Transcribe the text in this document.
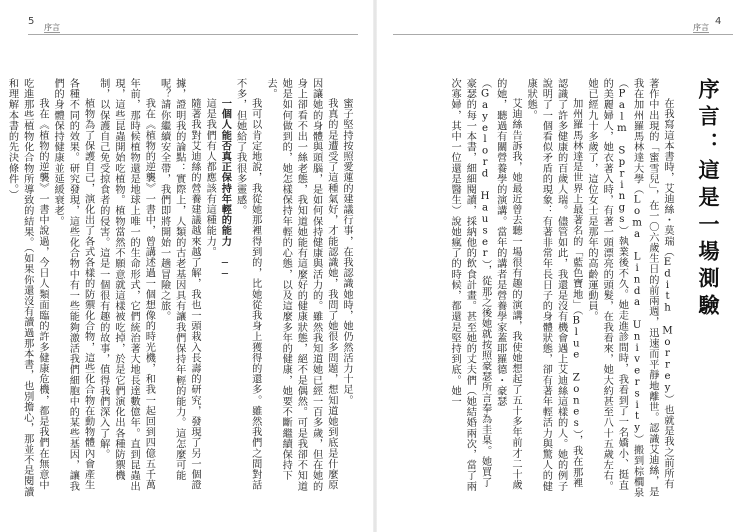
5
序言

蜜子堅持按照愛蓮的建議行事，在我認識她時，她仍然活力十足。

我真的是遭受了這種氣好，才能認識她，我問了她很多問題，想知道她到底是什麼原因讓她的身體與頭腦，是如何保持健康與活力的。雖然我知道她已經一百多歲，但在她的身上卻看不出一絲老態，我知道她能有這麼好的健康狀態，絕不是偶然。可是我卻不知道她是如何做到的，她怎樣保持年輕的心態，以及這麼多年的健康，她要不斷繼續保持下去。

我可以肯定地說，我從她那裡得到的，比她從我身上獲得的還多。雖然我們之間對話不多，但她給了我很多靈感。

一個人能否真正保持年輕的能力 ──

這是我們有人都應該有這種能力。

隨著我對艾迪絲的營養建議越來越了解，我也一頭栽入長壽的研究，發現了另一個證據，證明我的論點：實際上，人類的古老基因具有讓我們保持年輕的能力。這怎麼可能呢？請你繼續安全帶，我們即將開始一趟冒險之旅。

我在《植物的逆襲》一書中，曾講述過一個想像的時光機，和我一起回到四億五千萬年前，那時候植物還是地球上唯一的生命形式，它們統治著大地長達數億年。直到昆蟲出現，這些昆蟲開始吃植物。植物當然不願意就這樣被吃掉，於是它們演化出各種防禦機制，以保護自己免受掠食者的侵害。這是一個很有趣的故事，值得我們深入了解。

植物為了保護自己，演化出了各式各樣的防禦化合物，這些化合物在動物體內會產生各種不同的效果。研究發現，這些化合物中有一些能夠激活我們細胞中的某些基因，讓我們的身體保持健康並延緩衰老。

我在《植物的逆襲》一書中說過，今日人類面臨的許多健康危機，都是我們在無意中吃進那些植物化合物所導致的結果。（如果你還沒有讀過那本書，也別擔心，那並不是閱讀和理解本書的先決條件。）

4
序言
序言：這是一場測驗

在我寫這本書時，艾迪絲・莫瑞（Edith Morrey）也就是我之前所有著作中出現的「蜜雪兒」，在一〇六歲生日的前兩週，迅速而平靜地離世。認識艾迪絲，是我在加州羅馬林達大學（Loma Linda University）搬到棕櫚泉（Palm Springs）執業後不久。她走進診間時，我看到了一名嬌小、挺直的美麗婦人，她衣著入時，有著一頭漂亮的頭髮，在我看來，她大約甚至八十五歲左右。她已經九十多歲了，這位女士是那年的高齡運動員。

加州羅馬林達是世界上最著名的「藍色寶地」（Blue Zones），我在那裡認識了許多健康的百歲人瑞。儘管如此，我還是沒有機會遇上艾迪絲這樣的人。她的例子說明了一個看似矛盾的現象：有著非常年長日子的身體狀態，卻有著年輕活力與驚人的健康狀態。

艾迪絲告訴我，她最近曾去聽一場很有趣的演講，我使她想起了五十多年前才二十歲的她，聽過有關營養學的演講。當年的講者是營養學家蓋耶羅德・豪瑟（Gayelord Hauser），從那之後她就按照豪瑟所言奉為圭臬。她買了豪瑟的每一本書，細細閱讀，採納他的飲食計畫。甚至她的丈夫們（她結婚兩次，當了兩次寡婦，其中一位還是醫生）說她瘋了的時候，都還是堅持到底。她一
